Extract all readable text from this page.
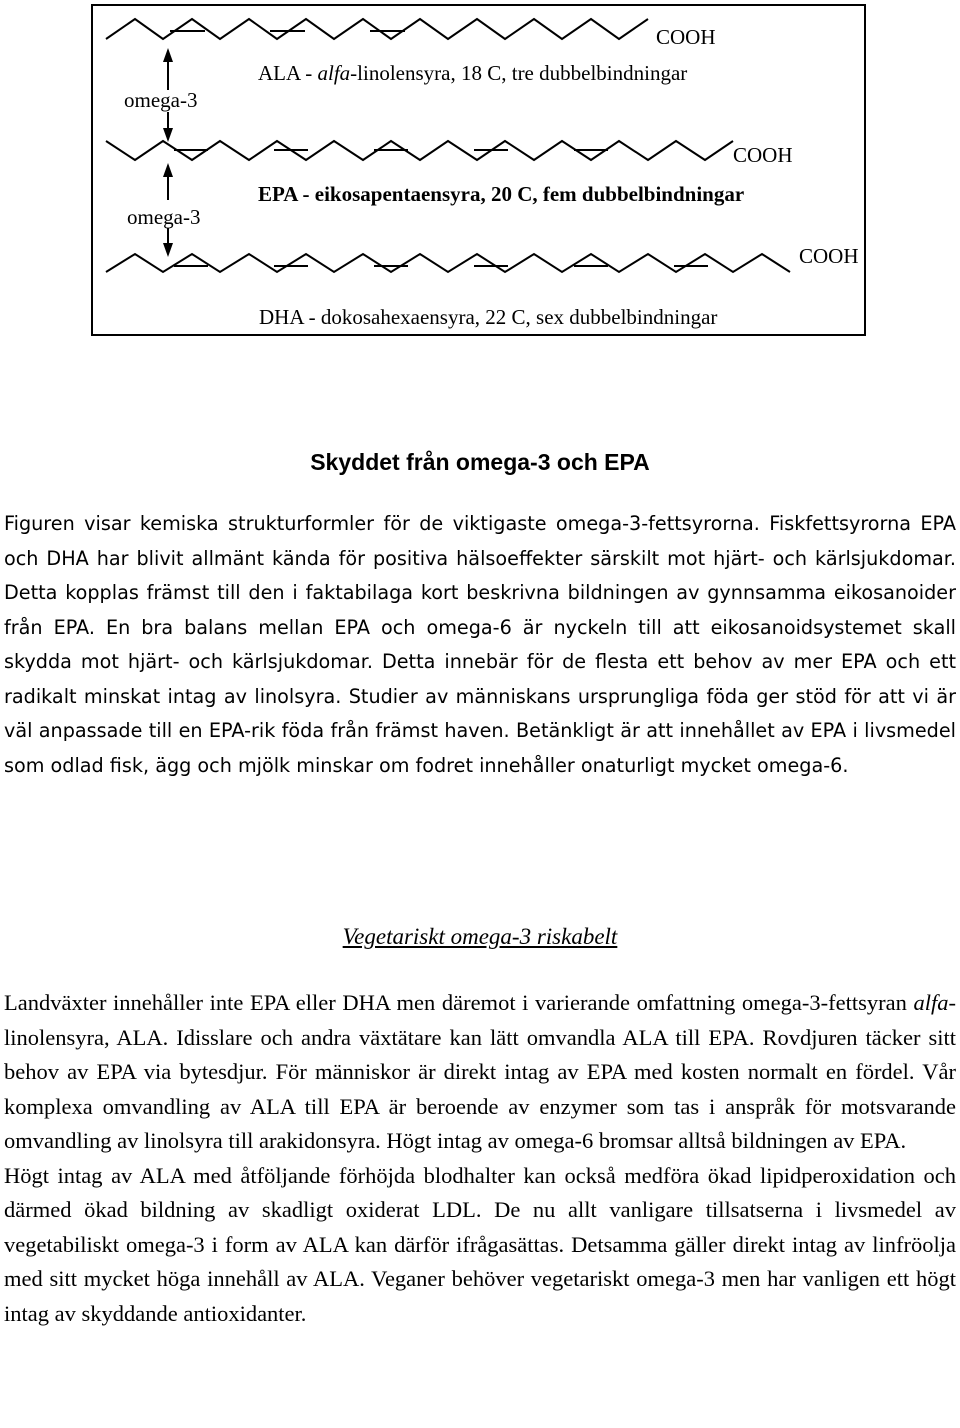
COOH
ALA - alfa-linolensyra, 18 C, tre dubbelbindningar
omega-3
COOH
EPA - eikosapentaensyra, 20 C, fem dubbelbindningar
omega-3
COOH
DHA - dokosahexaensyra, 22 C, sex dubbelbindningar
Skyddet från omega-3 och EPA

Figuren visar kemiska strukturformler för de viktigaste omega-3-fettsyrorna. Fiskfettsyrorna EPA och DHA har blivit allmänt kända för positiva hälsoeffekter särskilt mot hjärt- och kärlsjukdomar. Detta kopplas främst till den i faktabilaga kort beskrivna bildningen av gynnsamma eikosanoider från EPA. En bra balans mellan EPA och omega-6 är nyckeln till att eikosanoidsystemet skall skydda mot hjärt- och kärlsjukdomar. Detta innebär för de flesta ett behov av mer EPA och ett radikalt minskat intag av linolsyra. Studier av människans ursprungliga föda ger stöd för att vi är väl anpassade till en EPA-rik föda från främst haven. Betänkligt är att innehållet av EPA i livsmedel som odlad fisk, ägg och mjölk minskar om fodret innehåller onaturligt mycket omega-6.

Vegetariskt omega-3 riskabelt

Landväxter innehåller inte EPA eller DHA men däremot i varierande omfattning omega-3-fettsyran alfa-linolensyra, ALA. Idisslare och andra växtätare kan lätt omvandla ALA till EPA. Rovdjuren täcker sitt behov av EPA via bytesdjur. För människor är direkt intag av EPA med kosten normalt en fördel. Vår komplexa omvandling av ALA till EPA är beroende av enzymer som tas i anspråk för motsvarande omvandling av linolsyra till arakidonsyra. Högt intag av omega-6 bromsar alltså bildningen av EPA.

Högt intag av ALA med åtföljande förhöjda blodhalter kan också medföra ökad lipidperoxidation och därmed ökad bildning av skadligt oxiderat LDL. De nu allt vanligare tillsatserna i livsmedel av vegetabiliskt omega-3 i form av ALA kan därför ifrågasättas. Detsamma gäller direkt intag av linfröolja med sitt mycket höga innehåll av ALA. Veganer behöver vegetariskt omega-3 men har vanligen ett högt intag av skyddande antioxidanter.
